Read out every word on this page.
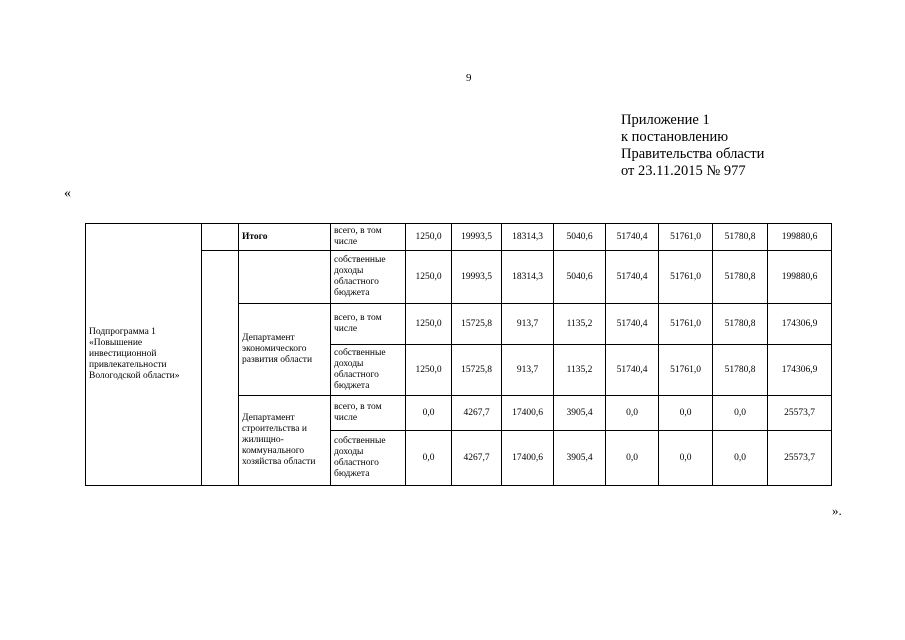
9
Приложение 1
к постановлению
Правительства области
от 23.11.2015 № 977
«
Подпрограмма 1 «Повышение инвестиционной привлекательности Вологодской области»		Итого	всего, в том числе	1250,0	19993,5	18314,3	5040,6	51740,4	51761,0	51780,8	199880,6
			собственные доходы областного бюджета	1250,0	19993,5	18314,3	5040,6	51740,4	51761,0	51780,8	199880,6
		Департамент экономического развития области	всего, в том числе	1250,0	15725,8	913,7	1135,2	51740,4	51761,0	51780,8	174306,9
			собственные доходы областного бюджета	1250,0	15725,8	913,7	1135,2	51740,4	51761,0	51780,8	174306,9
		Департамент строительства и жилищно-коммунального хозяйства области	всего, в том числе	0,0	4267,7	17400,6	3905,4	0,0	0,0	0,0	25573,7
			собственные доходы областного бюджета	0,0	4267,7	17400,6	3905,4	0,0	0,0	0,0	25573,7
».
